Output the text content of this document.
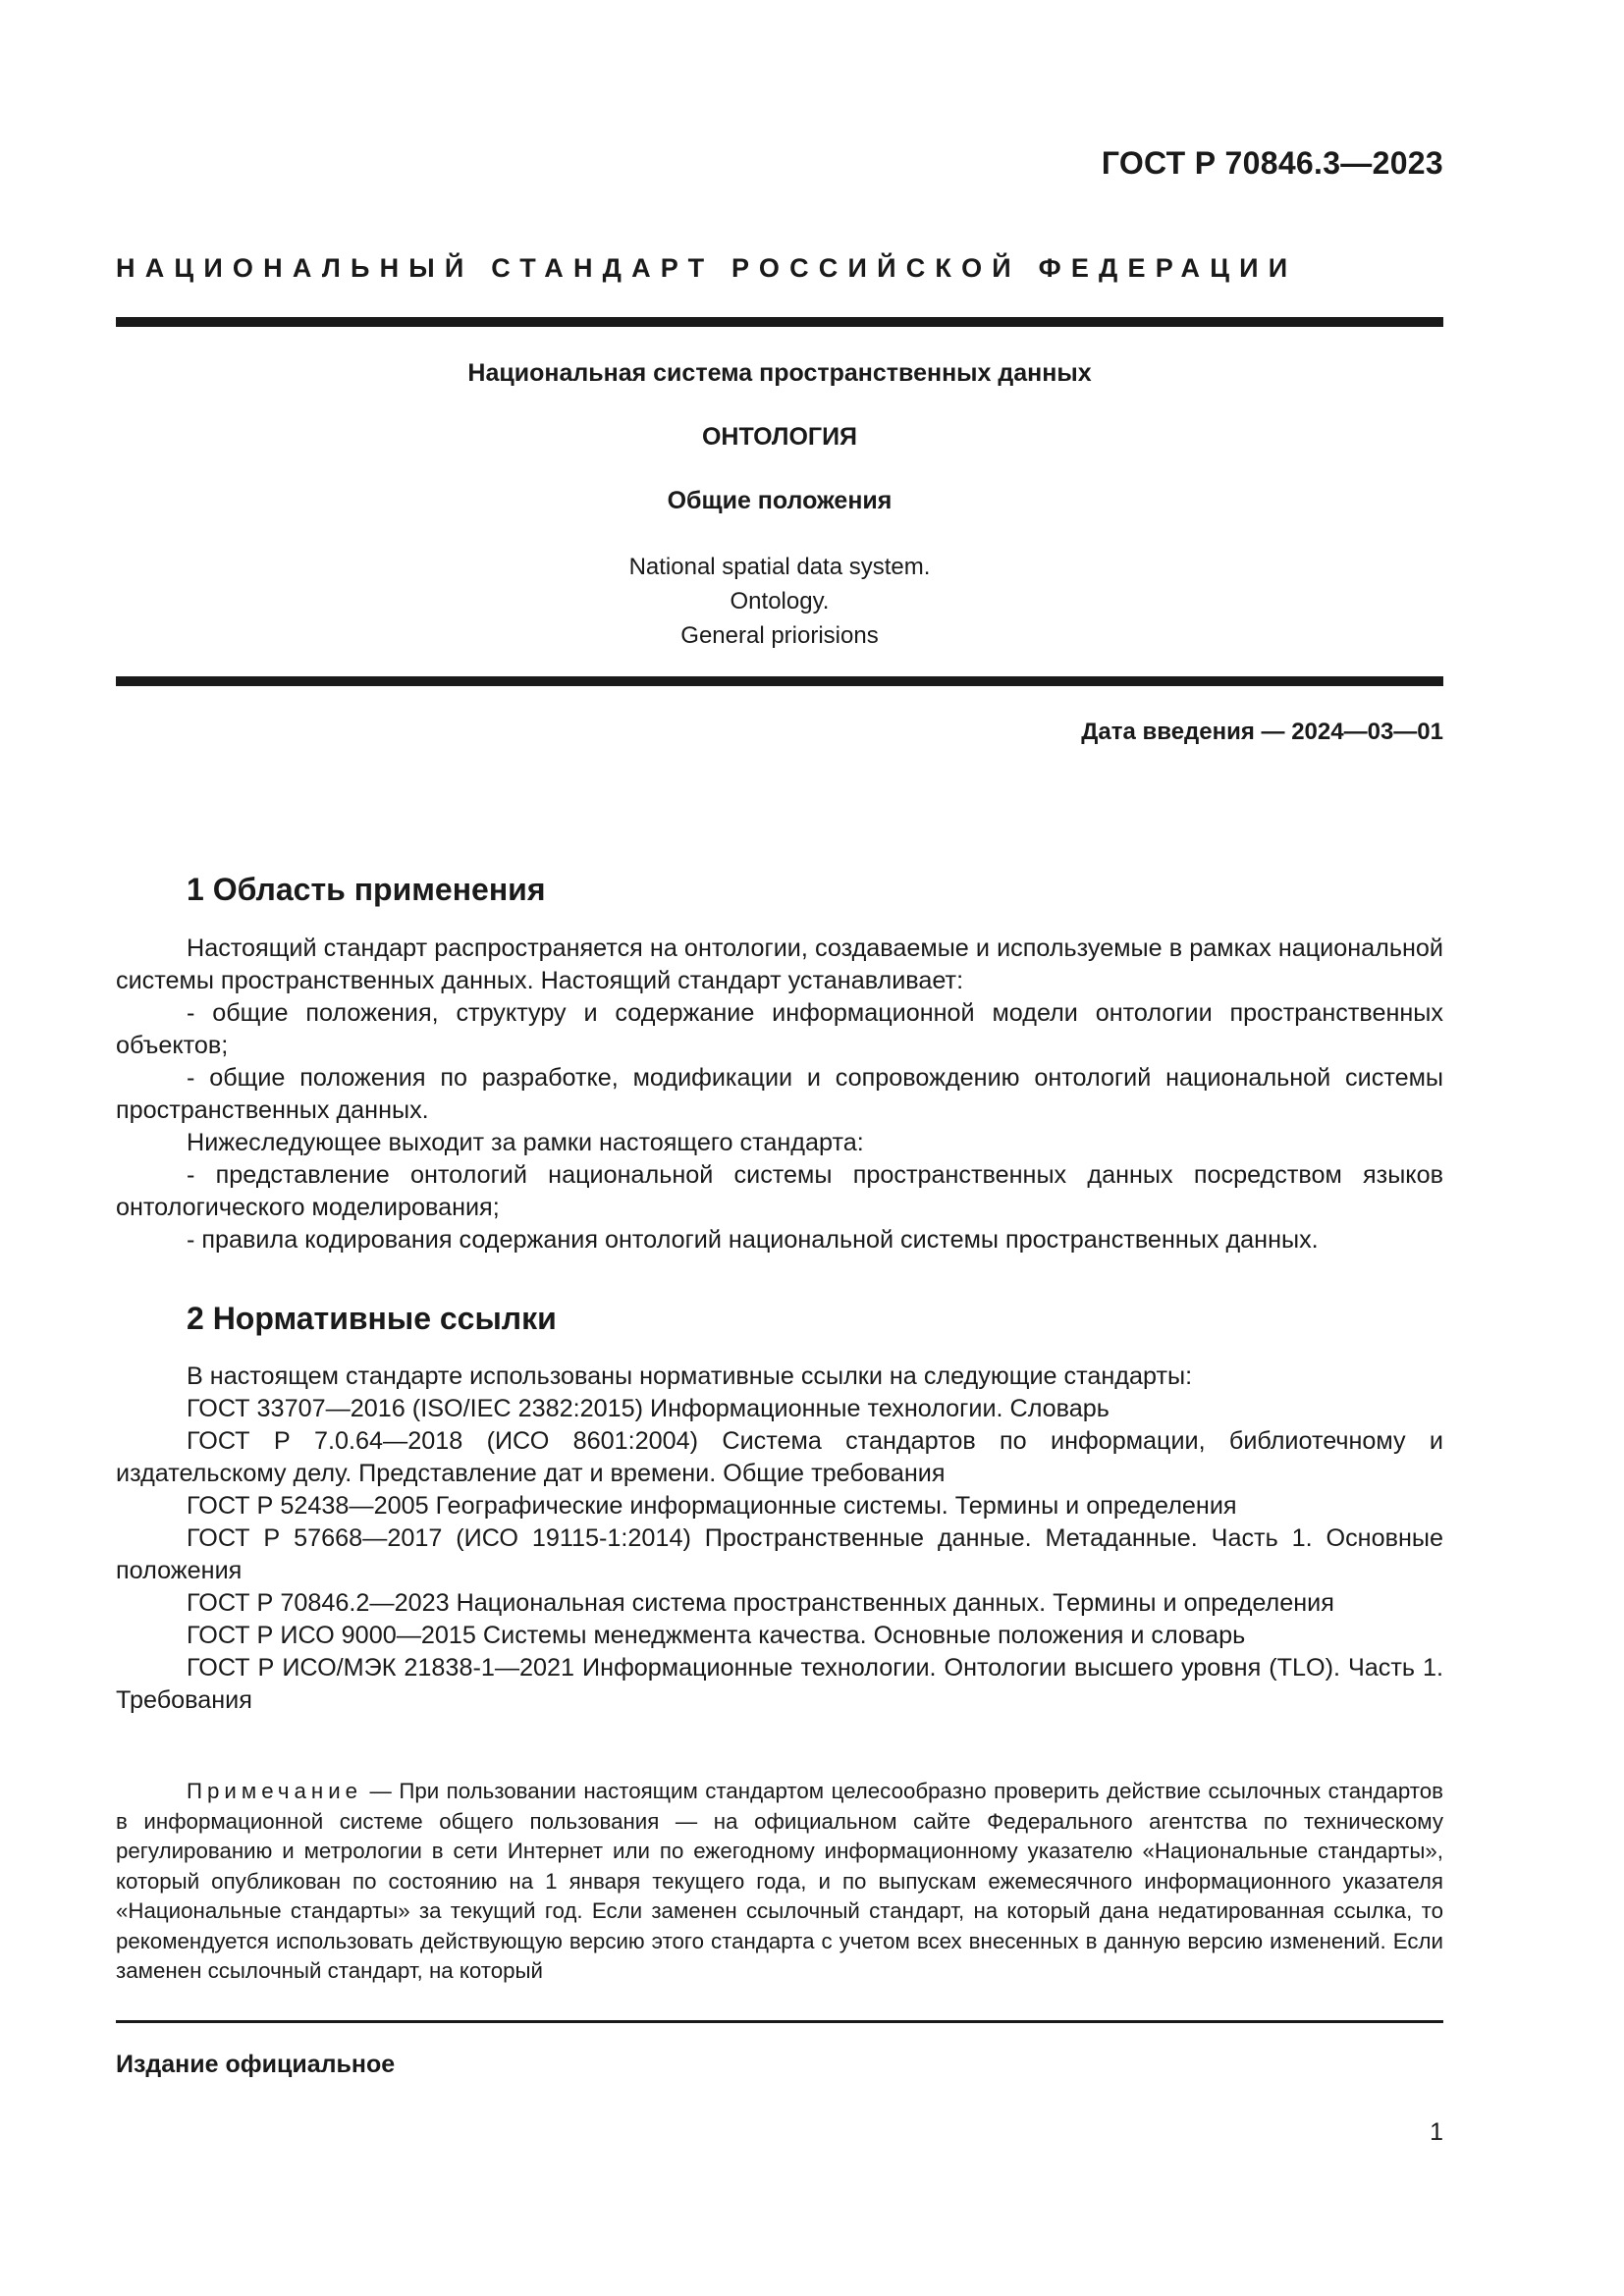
ГОСТ Р 70846.3—2023
НАЦИОНАЛЬНЫЙ СТАНДАРТ РОССИЙСКОЙ ФЕДЕРАЦИИ
Национальная система пространственных данных
ОНТОЛОГИЯ
Общие положения
National spatial data system.
Ontology.
General priorisions
Дата введения — 2024—03—01
1 Область применения

Настоящий стандарт распространяется на онтологии, создаваемые и используемые в рамках национальной системы пространственных данных. Настоящий стандарт устанавливает:

- общие положения, структуру и содержание информационной модели онтологии пространственных объектов;

- общие положения по разработке, модификации и сопровождению онтологий национальной системы пространственных данных.

Нижеследующее выходит за рамки настоящего стандарта:

- представление онтологий национальной системы пространственных данных посредством языков онтологического моделирования;

- правила кодирования содержания онтологий национальной системы пространственных данных.

2 Нормативные ссылки

В настоящем стандарте использованы нормативные ссылки на следующие стандарты:

ГОСТ 33707—2016 (ISO/IEC 2382:2015) Информационные технологии. Словарь

ГОСТ Р 7.0.64—2018 (ИСО 8601:2004) Система стандартов по информации, библиотечному и издательскому делу. Представление дат и времени. Общие требования

ГОСТ Р 52438—2005 Географические информационные системы. Термины и определения

ГОСТ Р 57668—2017 (ИСО 19115-1:2014) Пространственные данные. Метаданные. Часть 1. Основные положения

ГОСТ Р 70846.2—2023 Национальная система пространственных данных. Термины и определения

ГОСТ Р ИСО 9000—2015 Системы менеджмента качества. Основные положения и словарь

ГОСТ Р ИСО/МЭК 21838-1—2021 Информационные технологии. Онтологии высшего уровня (TLO). Часть 1. Требования

Примечание — При пользовании настоящим стандартом целесообразно проверить действие ссылочных стандартов в информационной системе общего пользования — на официальном сайте Федерального агентства по техническому регулированию и метрологии в сети Интернет или по ежегодному информационному указателю «Национальные стандарты», который опубликован по состоянию на 1 января текущего года, и по выпускам ежемесячного информационного указателя «Национальные стандарты» за текущий год. Если заменен ссылочный стандарт, на который дана недатированная ссылка, то рекомендуется использовать действующую версию этого стандарта с учетом всех внесенных в данную версию изменений. Если заменен ссылочный стандарт, на который
Издание официальное
1
